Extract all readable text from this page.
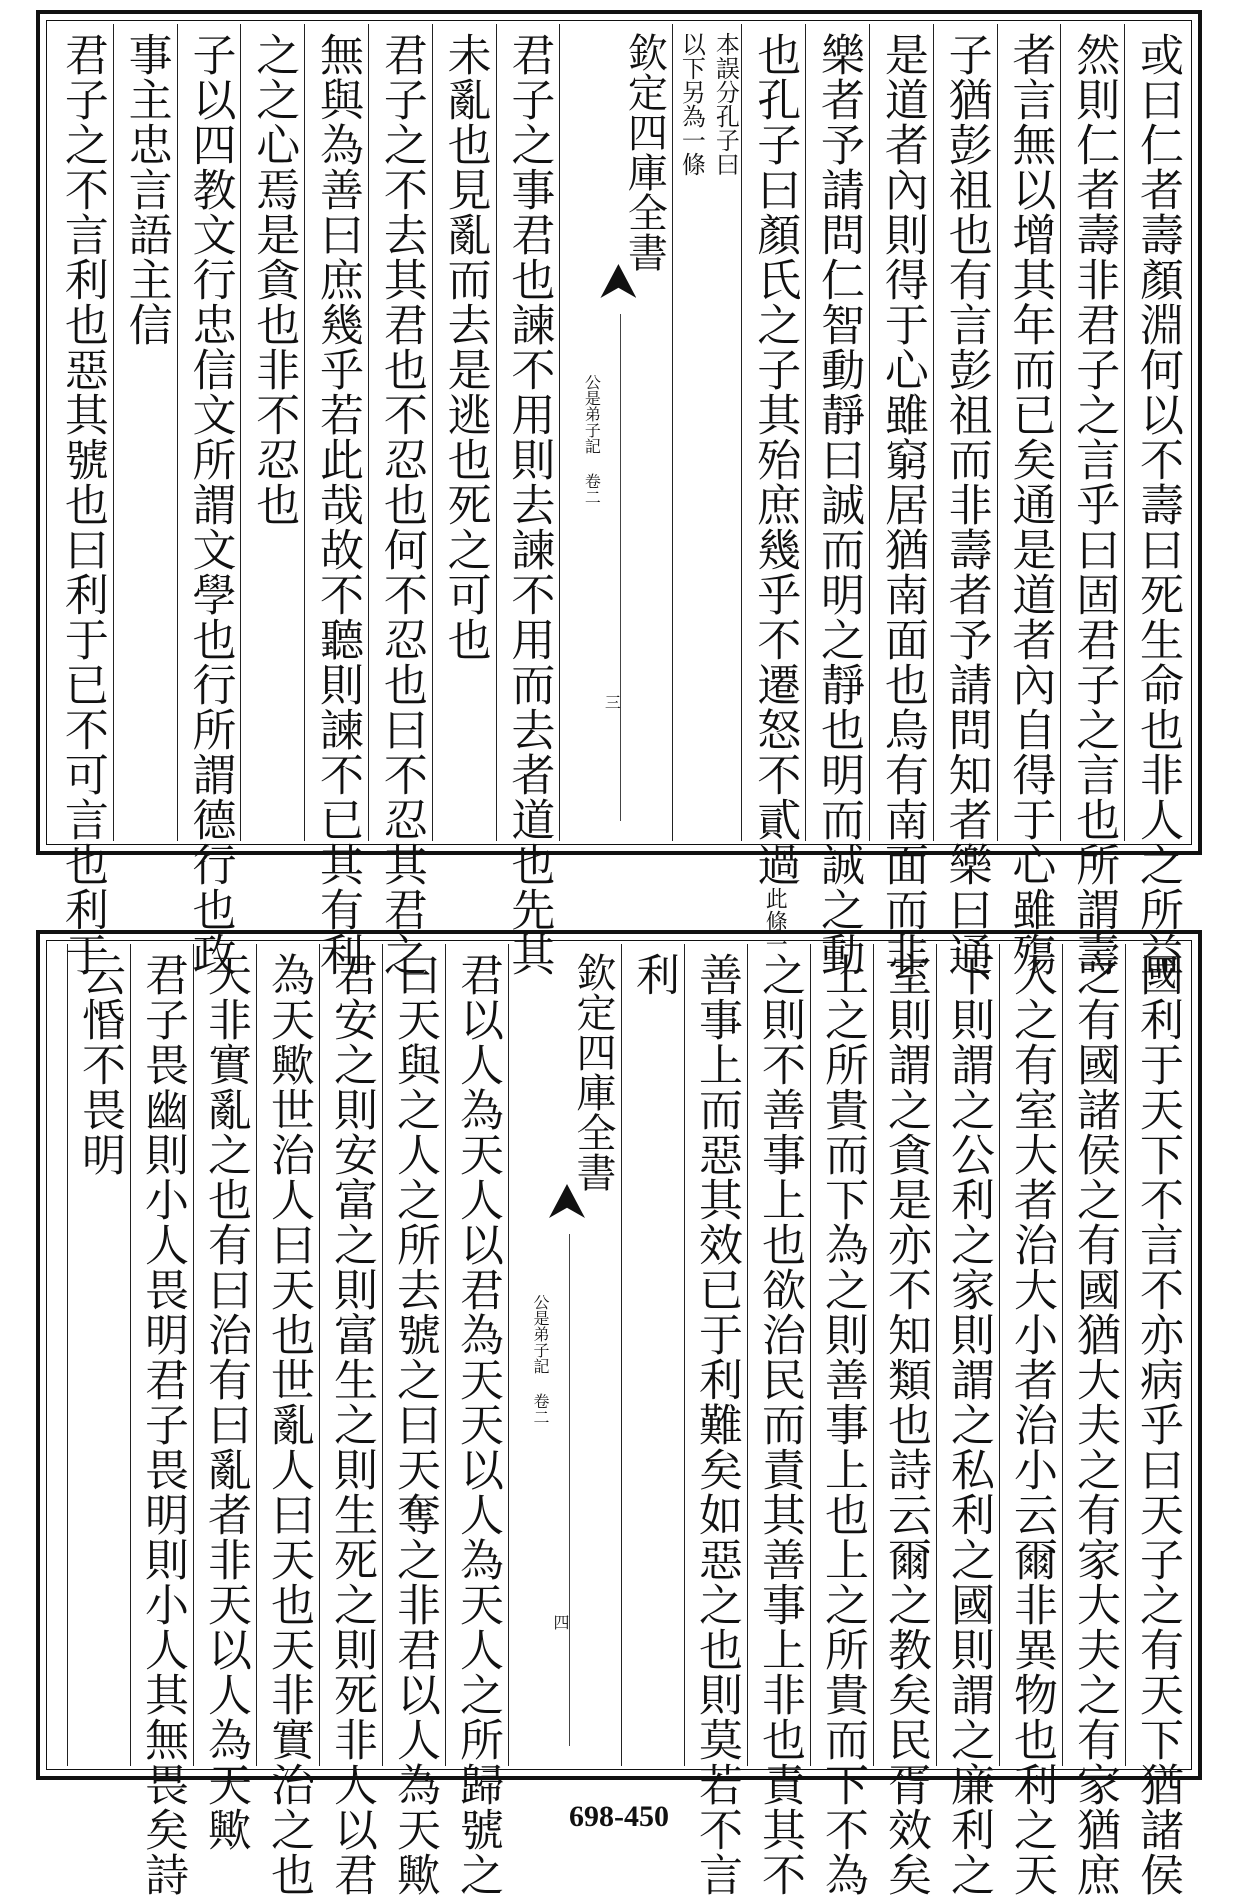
或曰仁者壽顏淵何以不壽曰死生命也非人之所益
然則仁者壽非君子之言乎曰固君子之言也所謂壽
者言無以增其年而已矣通是道者內自得于心雖殤
子猶彭祖也有言彭祖而非壽者予請問知者樂曰通
是道者內則得于心雖窮居猶南面也烏有南面而非
樂者予請問仁智動靜曰誠而明之靜也明而誠之動
也孔子曰顏氏之子其殆庶幾乎不遷怒不貳過此條一
本誤分孔子曰
以下另為一條
欽定四庫全書
公是弟子記 卷二
三
君子之事君也諫不用則去諫不用而去者道也先其
未亂也見亂而去是逃也死之可也
君子之不去其君也不忍也何不忍也曰不忍其君之
無與為善曰庶幾乎若此哉故不聽則諫不已其有利
之之心焉是貪也非不忍也
子以四教文行忠信文所謂文學也行所謂德行也政
事主忠言語主信
君子之不言利也惡其號也曰利于已不可言也利于
國利于天下不言不亦病乎曰天子之有天下猶諸侯
之有國諸侯之有國猶大夫之有家大夫之有家猶庶
人之有室大者治大小者治小云爾非異物也利之天
下則謂之公利之家則謂之私利之國則謂之廉利之
室則謂之貪是亦不知類也詩云爾之教矣民胥效矣
上之所貴而下為之則善事上也上之所貴而下不為
之則不善事上也欲治民而責其善事上非也責其不
善事上而惡其效已于利難矣如惡之也則莫若不言
利
欽定四庫全書
公是弟子記 卷二
四
君以人為天人以君為天天以人為天人之所歸號之
曰天與之人之所去號之曰天奪之非君以人為天歟
君安之則安富之則富生之則生死之則死非人以君
為天歟世治人曰天也世亂人曰天也天非實治之也
天非實亂之也有曰治有曰亂者非天以人為天歟
君子畏幽則小人畏明君子畏明則小人其無畏矣詩
云惛不畏明
698-450
